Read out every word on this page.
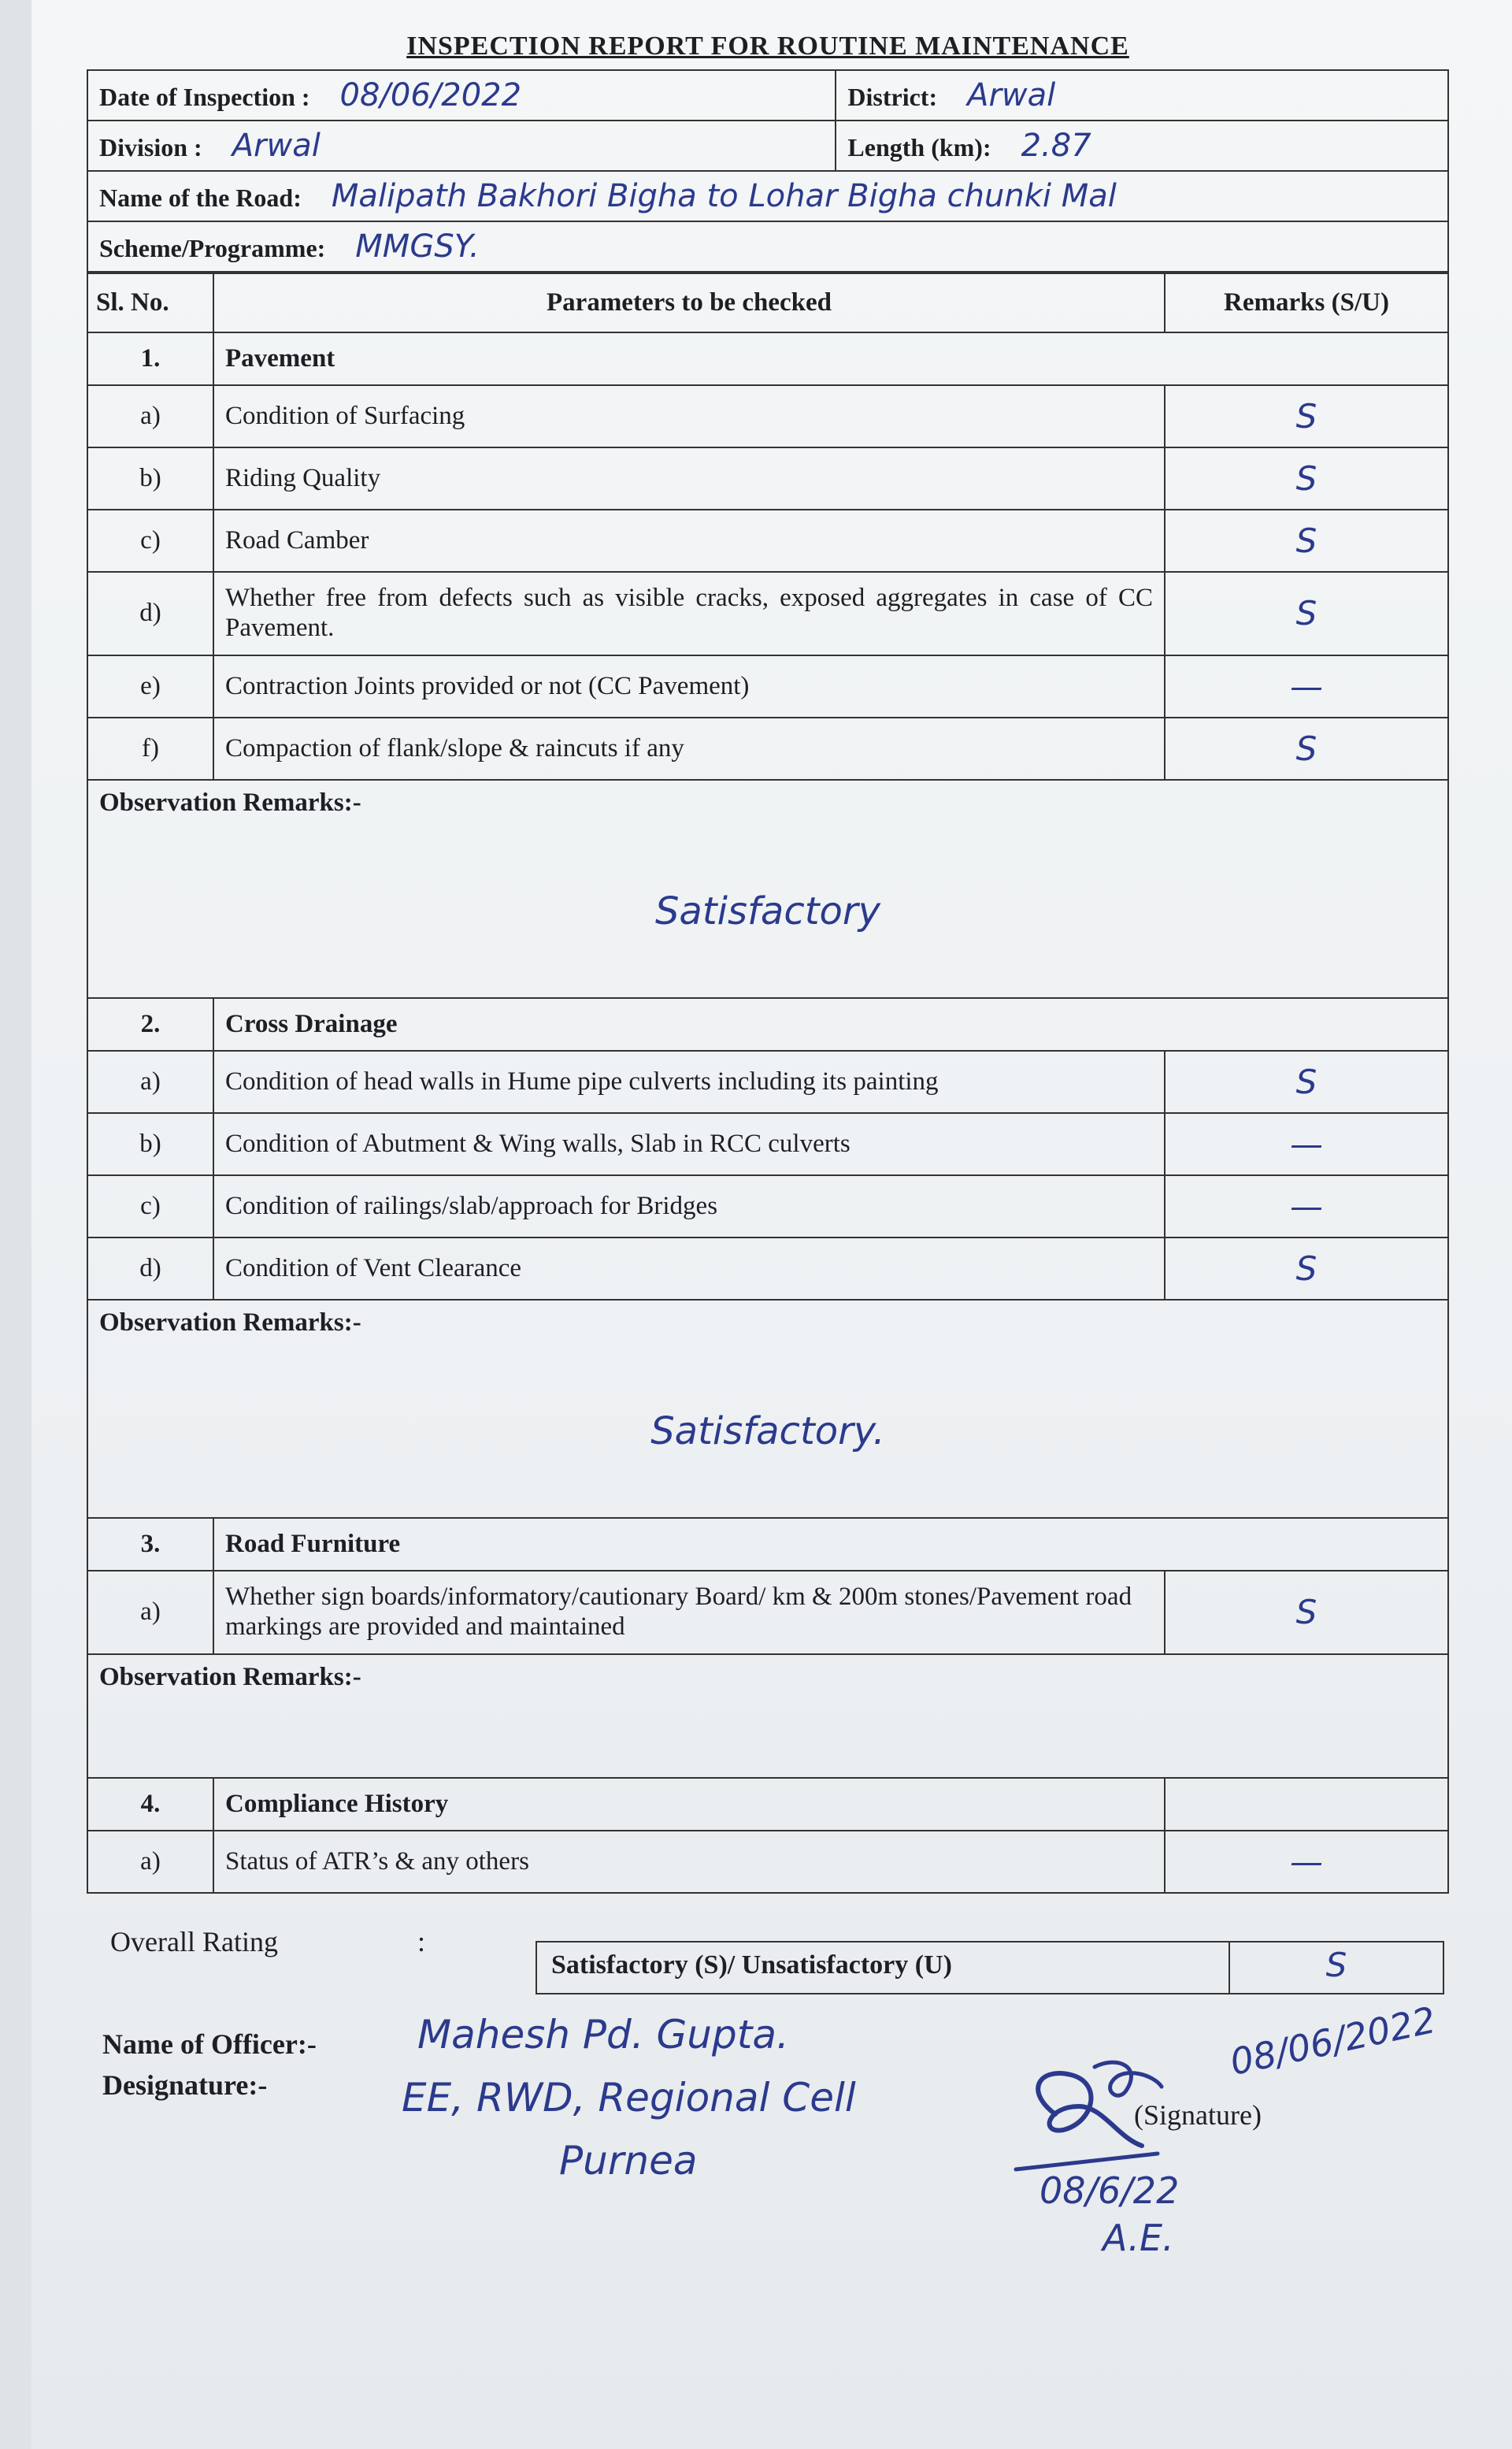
INSPECTION REPORT FOR ROUTINE MAINTENANCE
Date of Inspection : 08/06/2022	District: Arwal
Division : Arwal	Length (km): 2.87
Name of the Road: Malipath Bakhori Bigha to Lohar Bigha chunki Mal	
Scheme/Programme: MMGSY.	
Sl. No.	Parameters to be checked	Remarks (S/U)
1.	Pavement	
a)	Condition of Surfacing	S
b)	Riding Quality	S
c)	Road Camber	S
d)	Whether free from defects such as visible cracks, exposed aggregates in case of CC Pavement.	S
e)	Contraction Joints provided or not (CC Pavement)	—
f)	Compaction of flank/slope & raincuts if any	S
Observation Remarks:-		
Satisfactory		
2.	Cross Drainage	
a)	Condition of head walls in Hume pipe culverts including its painting	S
b)	Condition of Abutment & Wing walls, Slab in RCC culverts	—
c)	Condition of railings/slab/approach for Bridges	—
d)	Condition of Vent Clearance	S
Observation Remarks:-		
Satisfactory.		
3.	Road Furniture	
a)	Whether sign boards/informatory/cautionary Board/ km & 200m stones/Pavement road markings are provided and maintained	S
Observation Remarks:-		

4.	Compliance History	
a)	Status of ATR’s & any others	—
Overall Rating	:
Satisfactory (S)/ Unsatisfactory (U)	S
Name of Officer:-
Designature:-
Mahesh Pd. Gupta.
EE, RWD, Regional Cell
Purnea
08/06/2022
(Signature)
08/6/22
A.E.
